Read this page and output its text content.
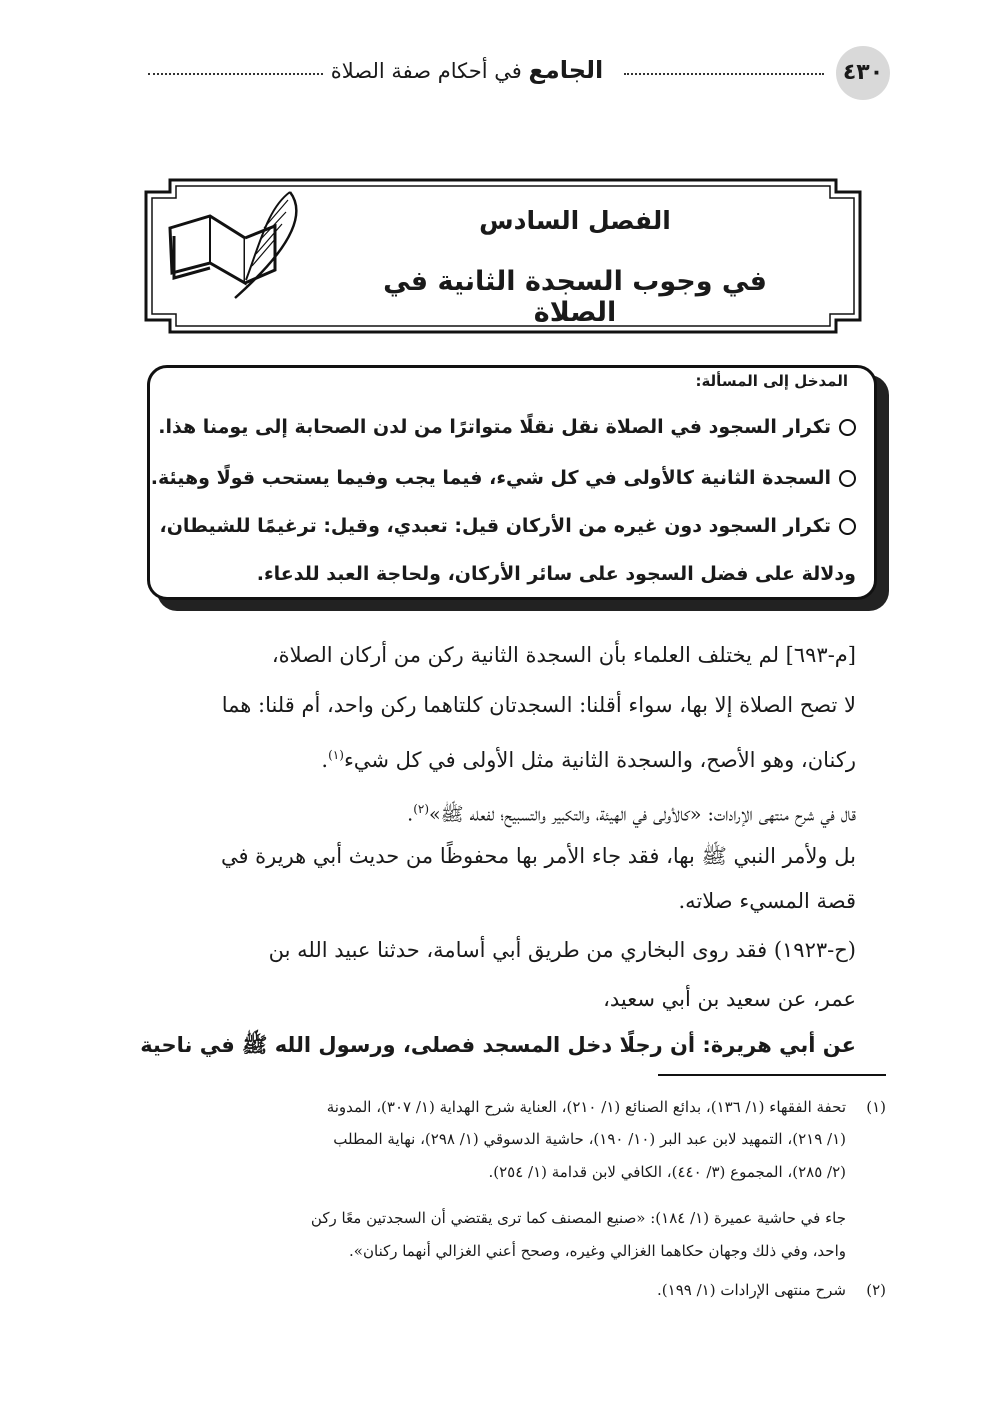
٤٣٠
الجامع في أحكام صفة الصلاة
الفصل السادس
في وجوب السجدة الثانية في الصلاة
المدخل إلى المسألة:
تكرار السجود في الصلاة نقل نقلًا متواترًا من لدن الصحابة إلى يومنا هذا.
السجدة الثانية كالأولى في كل شيء، فيما يجب وفيما يستحب قولًا وهيئة.
تكرار السجود دون غيره من الأركان قيل: تعبدي، وقيل: ترغيمًا للشيطان،
ودلالة على فضل السجود على سائر الأركان، ولحاجة العبد للدعاء.
[م-٦٩٣] لم يختلف العلماء بأن السجدة الثانية ركن من أركان الصلاة،
لا تصح الصلاة إلا بها، سواء أقلنا: السجدتان كلتاهما ركن واحد، أم قلنا: هما
ركنان، وهو الأصح، والسجدة الثانية مثل الأولى في كل شيء$^{(١)}$.
قال في شرح منتهى الإرادات: «كالأولى في الهيئة، والتكبير والتسبيح؛ لفعله ﷺ»$^{(٢)}$.
بل ولأمر النبي ﷺ بها، فقد جاء الأمر بها محفوظًا من حديث أبي هريرة في
قصة المسيء صلاته.
(ح-١٩٢٣) فقد روى البخاري من طريق أبي أسامة، حدثنا عبيد الله بن
عمر، عن سعيد بن أبي سعيد،
عن أبي هريرة: أن رجلًا دخل المسجد فصلى، ورسول الله ﷺ في ناحية
(١)تحفة الفقهاء (١/ ١٣٦)، بدائع الصنائع (١/ ٢١٠)، العناية شرح الهداية (١/ ٣٠٧)، المدونة
(١/ ٢١٩)، التمهيد لابن عبد البر (١٠/ ١٩٠)، حاشية الدسوقي (١/ ٢٩٨)، نهاية المطلب
(٢/ ٢٨٥)، المجموع (٣/ ٤٤٠)، الكافي لابن قدامة (١/ ٢٥٤).
جاء في حاشية عميرة (١/ ١٨٤): «صنيع المصنف كما ترى يقتضي أن السجدتين معًا ركن
واحد، وفي ذلك وجهان حكاهما الغزالي وغيره، وصحح أعني الغزالي أنهما ركنان».
(٢)شرح منتهى الإرادات (١/ ١٩٩).
